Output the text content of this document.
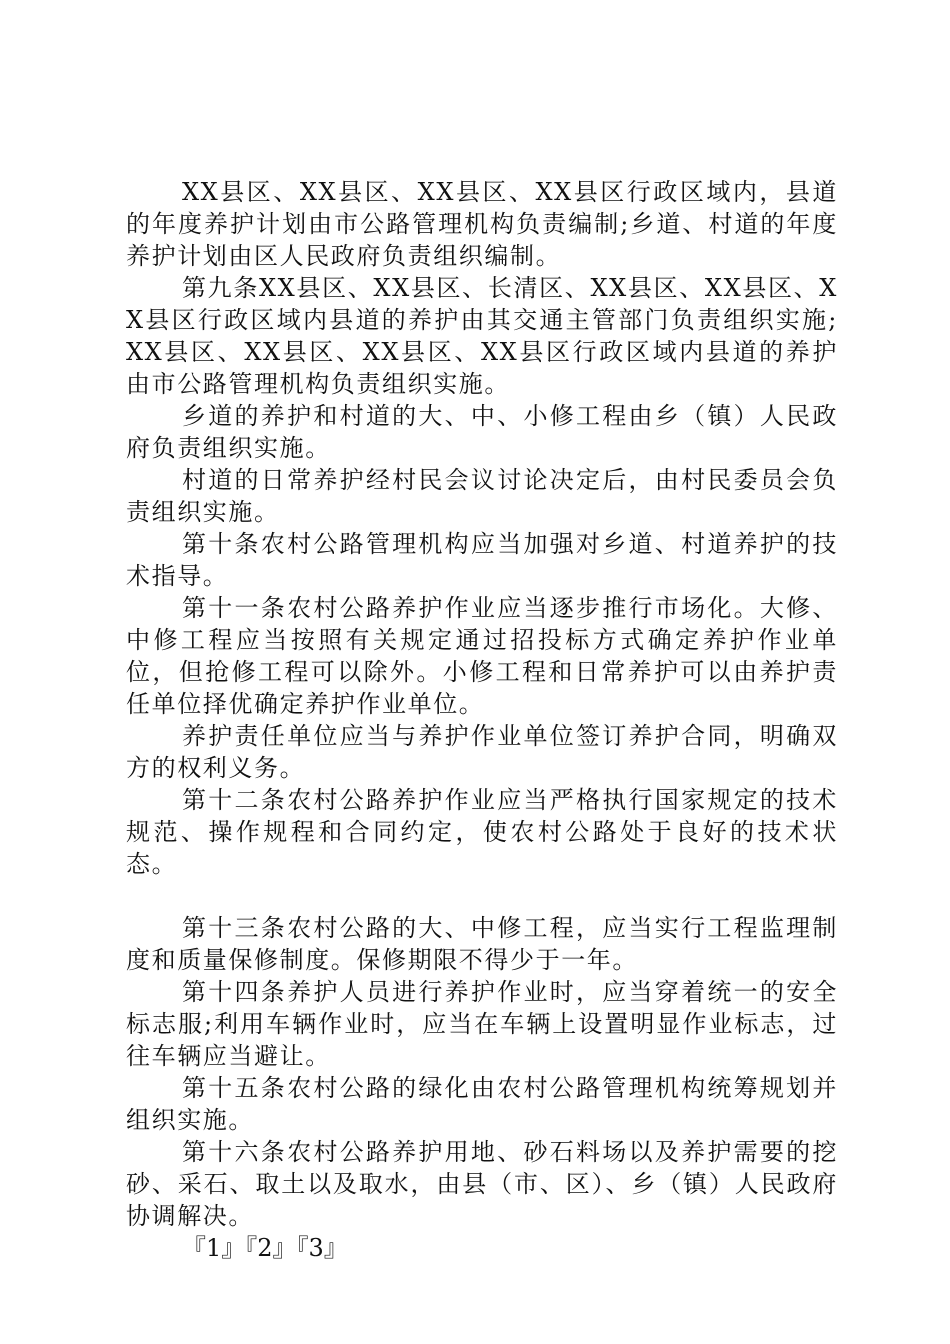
XX县区、XX县区、XX县区、XX县区行政区域内，县道的年度养护计划由市公路管理机构负责编制;乡道、村道的年度养护计划由区人民政府负责组织编制。

第九条XX县区、XX县区、长清区、XX县区、XX县区、XX县区行政区域内县道的养护由其交通主管部门负责组织实施;XX县区、XX县区、XX县区、XX县区行政区域内县道的养护由市公路管理机构负责组织实施。

乡道的养护和村道的大、中、小修工程由乡（镇）人民政府负责组织实施。

村道的日常养护经村民会议讨论决定后，由村民委员会负责组织实施。

第十条农村公路管理机构应当加强对乡道、村道养护的技术指导。

第十一条农村公路养护作业应当逐步推行市场化。大修、中修工程应当按照有关规定通过招投标方式确定养护作业单位，但抢修工程可以除外。小修工程和日常养护可以由养护责任单位择优确定养护作业单位。

养护责任单位应当与养护作业单位签订养护合同，明确双方的权利义务。

第十二条农村公路养护作业应当严格执行国家规定的技术规范、操作规程和合同约定，使农村公路处于良好的技术状态。

第十三条农村公路的大、中修工程，应当实行工程监理制度和质量保修制度。保修期限不得少于一年。

第十四条养护人员进行养护作业时，应当穿着统一的安全标志服;利用车辆作业时，应当在车辆上设置明显作业标志，过往车辆应当避让。

第十五条农村公路的绿化由农村公路管理机构统筹规划并组织实施。

第十六条农村公路养护用地、砂石料场以及养护需要的挖砂、采石、取土以及取水，由县（市、区）、乡（镇）人民政府协调解决。

『1』『2』『3』
